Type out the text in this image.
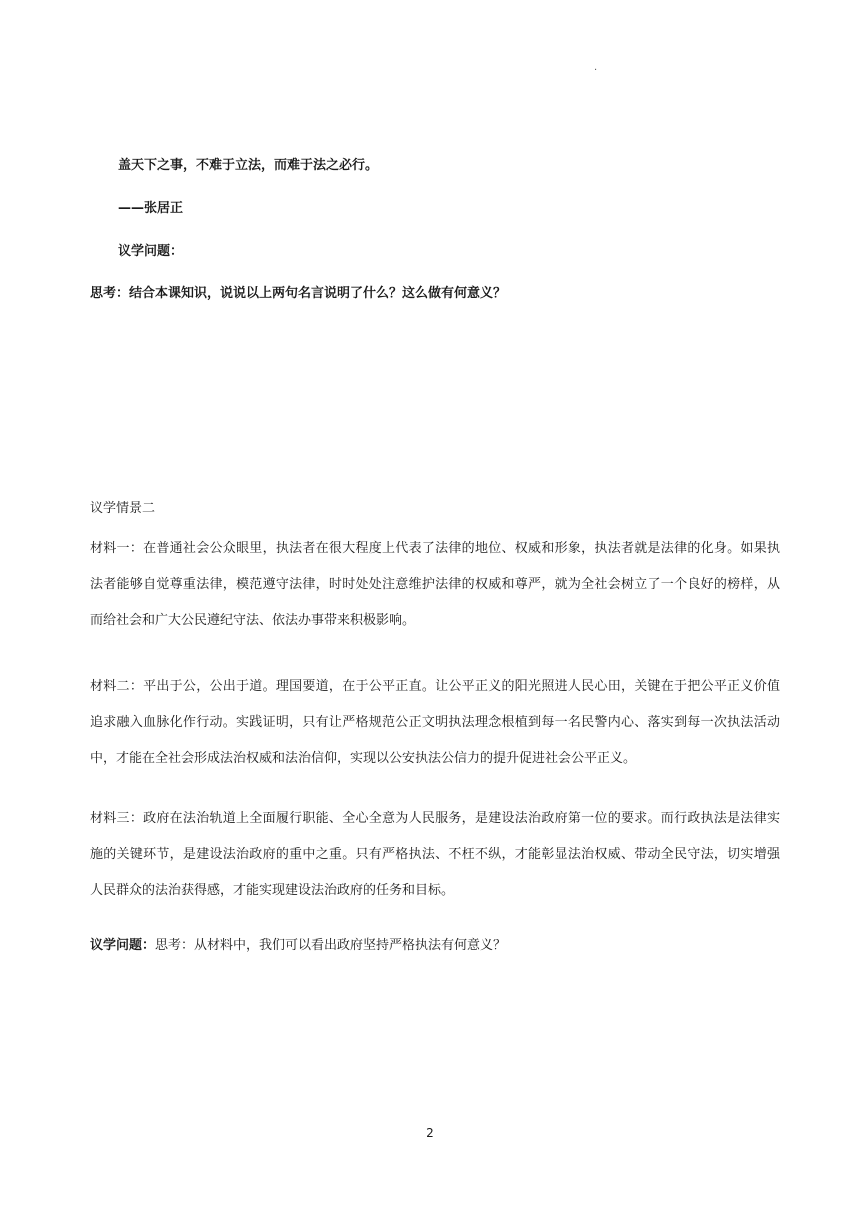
.
盖天下之事，不难于立法，而难于法之必行。
——张居正
议学问题：
思考：结合本课知识，说说以上两句名言说明了什么？这么做有何意义？
议学情景二
材料一：在普通社会公众眼里，执法者在很大程度上代表了法律的地位、权威和形象，执法者就是法律的化身。如果执
法者能够自觉尊重法律，模范遵守法律，时时处处注意维护法律的权威和尊严，就为全社会树立了一个良好的榜样，从
而给社会和广大公民遵纪守法、依法办事带来积极影响。
材料二：平出于公，公出于道。理国要道，在于公平正直。让公平正义的阳光照进人民心田，关键在于把公平正义价值
追求融入血脉化作行动。实践证明，只有让严格规范公正文明执法理念根植到每一名民警内心、落实到每一次执法活动
中，才能在全社会形成法治权威和法治信仰，实现以公安执法公信力的提升促进社会公平正义。
材料三：政府在法治轨道上全面履行职能、全心全意为人民服务，是建设法治政府第一位的要求。而行政执法是法律实
施的关键环节，是建设法治政府的重中之重。只有严格执法、不枉不纵，才能彰显法治权威、带动全民守法，切实增强
人民群众的法治获得感，才能实现建设法治政府的任务和目标。
议学问题：思考：从材料中，我们可以看出政府坚持严格执法有何意义？
2
